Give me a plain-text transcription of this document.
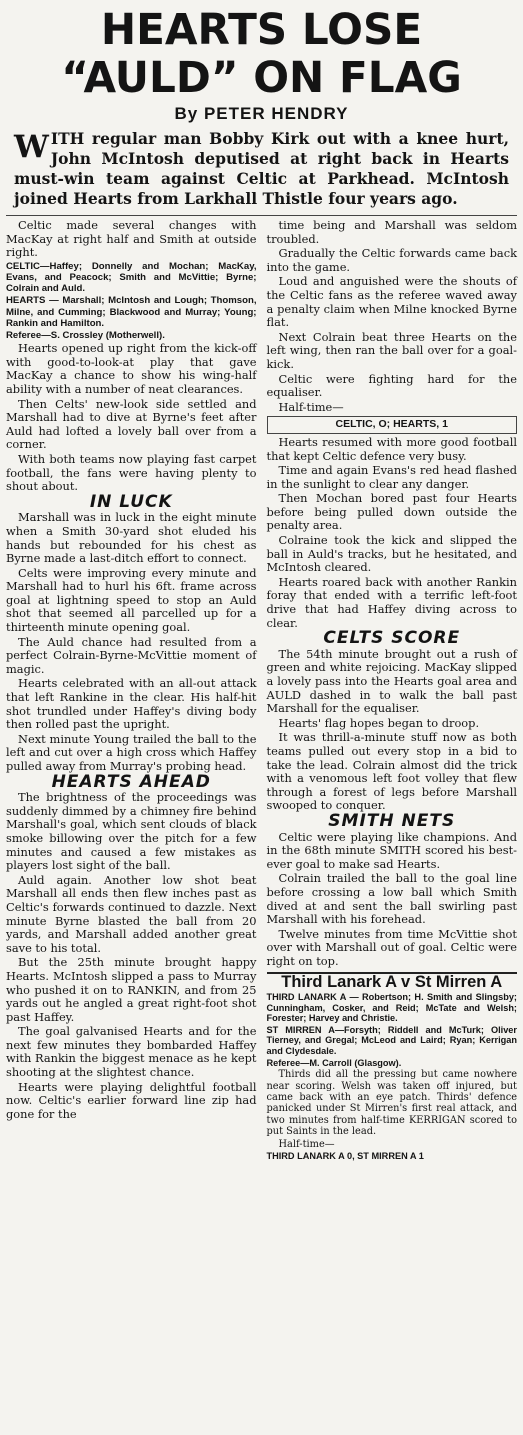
HEARTS LOSE “AULD” ON FLAG
By PETER HENDRY

WITH regular man Bobby Kirk out with a knee hurt, John McIntosh deputised at right back in Hearts must-win team against Celtic at Parkhead. McIntosh joined Hearts from Larkhall Thistle four years ago.

Celtic made several changes with MacKay at right half and Smith at outside right.

CELTIC—Haffey; Donnelly and Mochan; MacKay, Evans, and Peacock; Smith and McVittie; Byrne; Colrain and Auld.

HEARTS — Marshall; McIntosh and Lough; Thomson, Milne, and Cumming; Blackwood and Murray; Young; Rankin and Hamilton.

Referee—S. Crossley (Motherwell).

Hearts opened up right from the kick-off with good-to-look-at play that gave MacKay a chance to show his wing-half ability with a number of neat clearances.

Then Celts' new-look side settled and Marshall had to dive at Byrne's feet after Auld had lofted a lovely ball over from a corner.

With both teams now playing fast carpet football, the fans were having plenty to shout about.

IN LUCK

Marshall was in luck in the eight minute when a Smith 30-yard shot eluded his hands but rebounded for his chest as Byrne made a last-ditch effort to connect.

Celts were improving every minute and Marshall had to hurl his 6ft. frame across goal at lightning speed to stop an Auld shot that seemed all parcelled up for a thirteenth minute opening goal.

The Auld chance had resulted from a perfect Colrain-Byrne-McVittie moment of magic.

Hearts celebrated with an all-out attack that left Rankine in the clear. His half-hit shot trundled under Haffey's diving body then rolled past the upright.

Next minute Young trailed the ball to the left and cut over a high cross which Haffey pulled away from Murray's probing head.

HEARTS AHEAD

The brightness of the proceedings was suddenly dimmed by a chimney fire behind Marshall's goal, which sent clouds of black smoke billowing over the pitch for a few minutes and caused a few mistakes as players lost sight of the ball.

Auld again. Another low shot beat Marshall all ends then flew inches past as Celtic's forwards continued to dazzle. Next minute Byrne blasted the ball from 20 yards, and Marshall added another great save to his total.

But the 25th minute brought happy Hearts. McIntosh slipped a pass to Murray who pushed it on to RANKIN, and from 25 yards out he angled a great right-foot shot past Haffey.

The goal galvanised Hearts and for the next few minutes they bombarded Haffey with Rankin the biggest menace as he kept shooting at the slightest chance.

Hearts were playing delightful football now. Celtic's earlier forward line zip had gone for the

time being and Marshall was seldom troubled.

Gradually the Celtic forwards came back into the game.

Loud and anguished were the shouts of the Celtic fans as the referee waved away a penalty claim when Milne knocked Byrne flat.

Next Colrain beat three Hearts on the left wing, then ran the ball over for a goal-kick.

Celtic were fighting hard for the equaliser.

Half-time—

CELTIC, O; HEARTS, 1

Hearts resumed with more good football that kept Celtic defence very busy.

Time and again Evans's red head flashed in the sunlight to clear any danger.

Then Mochan bored past four Hearts before being pulled down outside the penalty area.

Colraine took the kick and slipped the ball in Auld's tracks, but he hesitated, and McIntosh cleared.

Hearts roared back with another Rankin foray that ended with a terrific left-foot drive that had Haffey diving across to clear.

CELTS SCORE

The 54th minute brought out a rush of green and white rejoicing. MacKay slipped a lovely pass into the Hearts goal area and AULD dashed in to walk the ball past Marshall for the equaliser.

Hearts' flag hopes began to droop.

It was thrill-a-minute stuff now as both teams pulled out every stop in a bid to take the lead. Colrain almost did the trick with a venomous left foot volley that flew through a forest of legs before Marshall swooped to conquer.

SMITH NETS

Celtic were playing like champions. And in the 68th minute SMITH scored his best-ever goal to make sad Hearts.

Colrain trailed the ball to the goal line before crossing a low ball which Smith dived at and sent the ball swirling past Marshall with his forehead.

Twelve minutes from time McVittie shot over with Marshall out of goal. Celtic were right on top.

Third Lanark A v St Mirren A

THIRD LANARK A — Robertson; H. Smith and Slingsby; Cunningham, Cosker, and Reid; McTate and Welsh; Forester; Harvey and Christie.

ST MIRREN A—Forsyth; Riddell and McTurk; Oliver Tierney, and Gregal; McLeod and Laird; Ryan; Kerrigan and Clydesdale.

Referee—M. Carroll (Glasgow).

Thirds did all the pressing but came nowhere near scoring. Welsh was taken off injured, but came back with an eye patch. Thirds' defence panicked under St Mirren's first real attack, and two minutes from half-time KERRIGAN scored to put Saints in the lead.

Half-time—

THIRD LANARK A 0, ST MIRREN A 1
